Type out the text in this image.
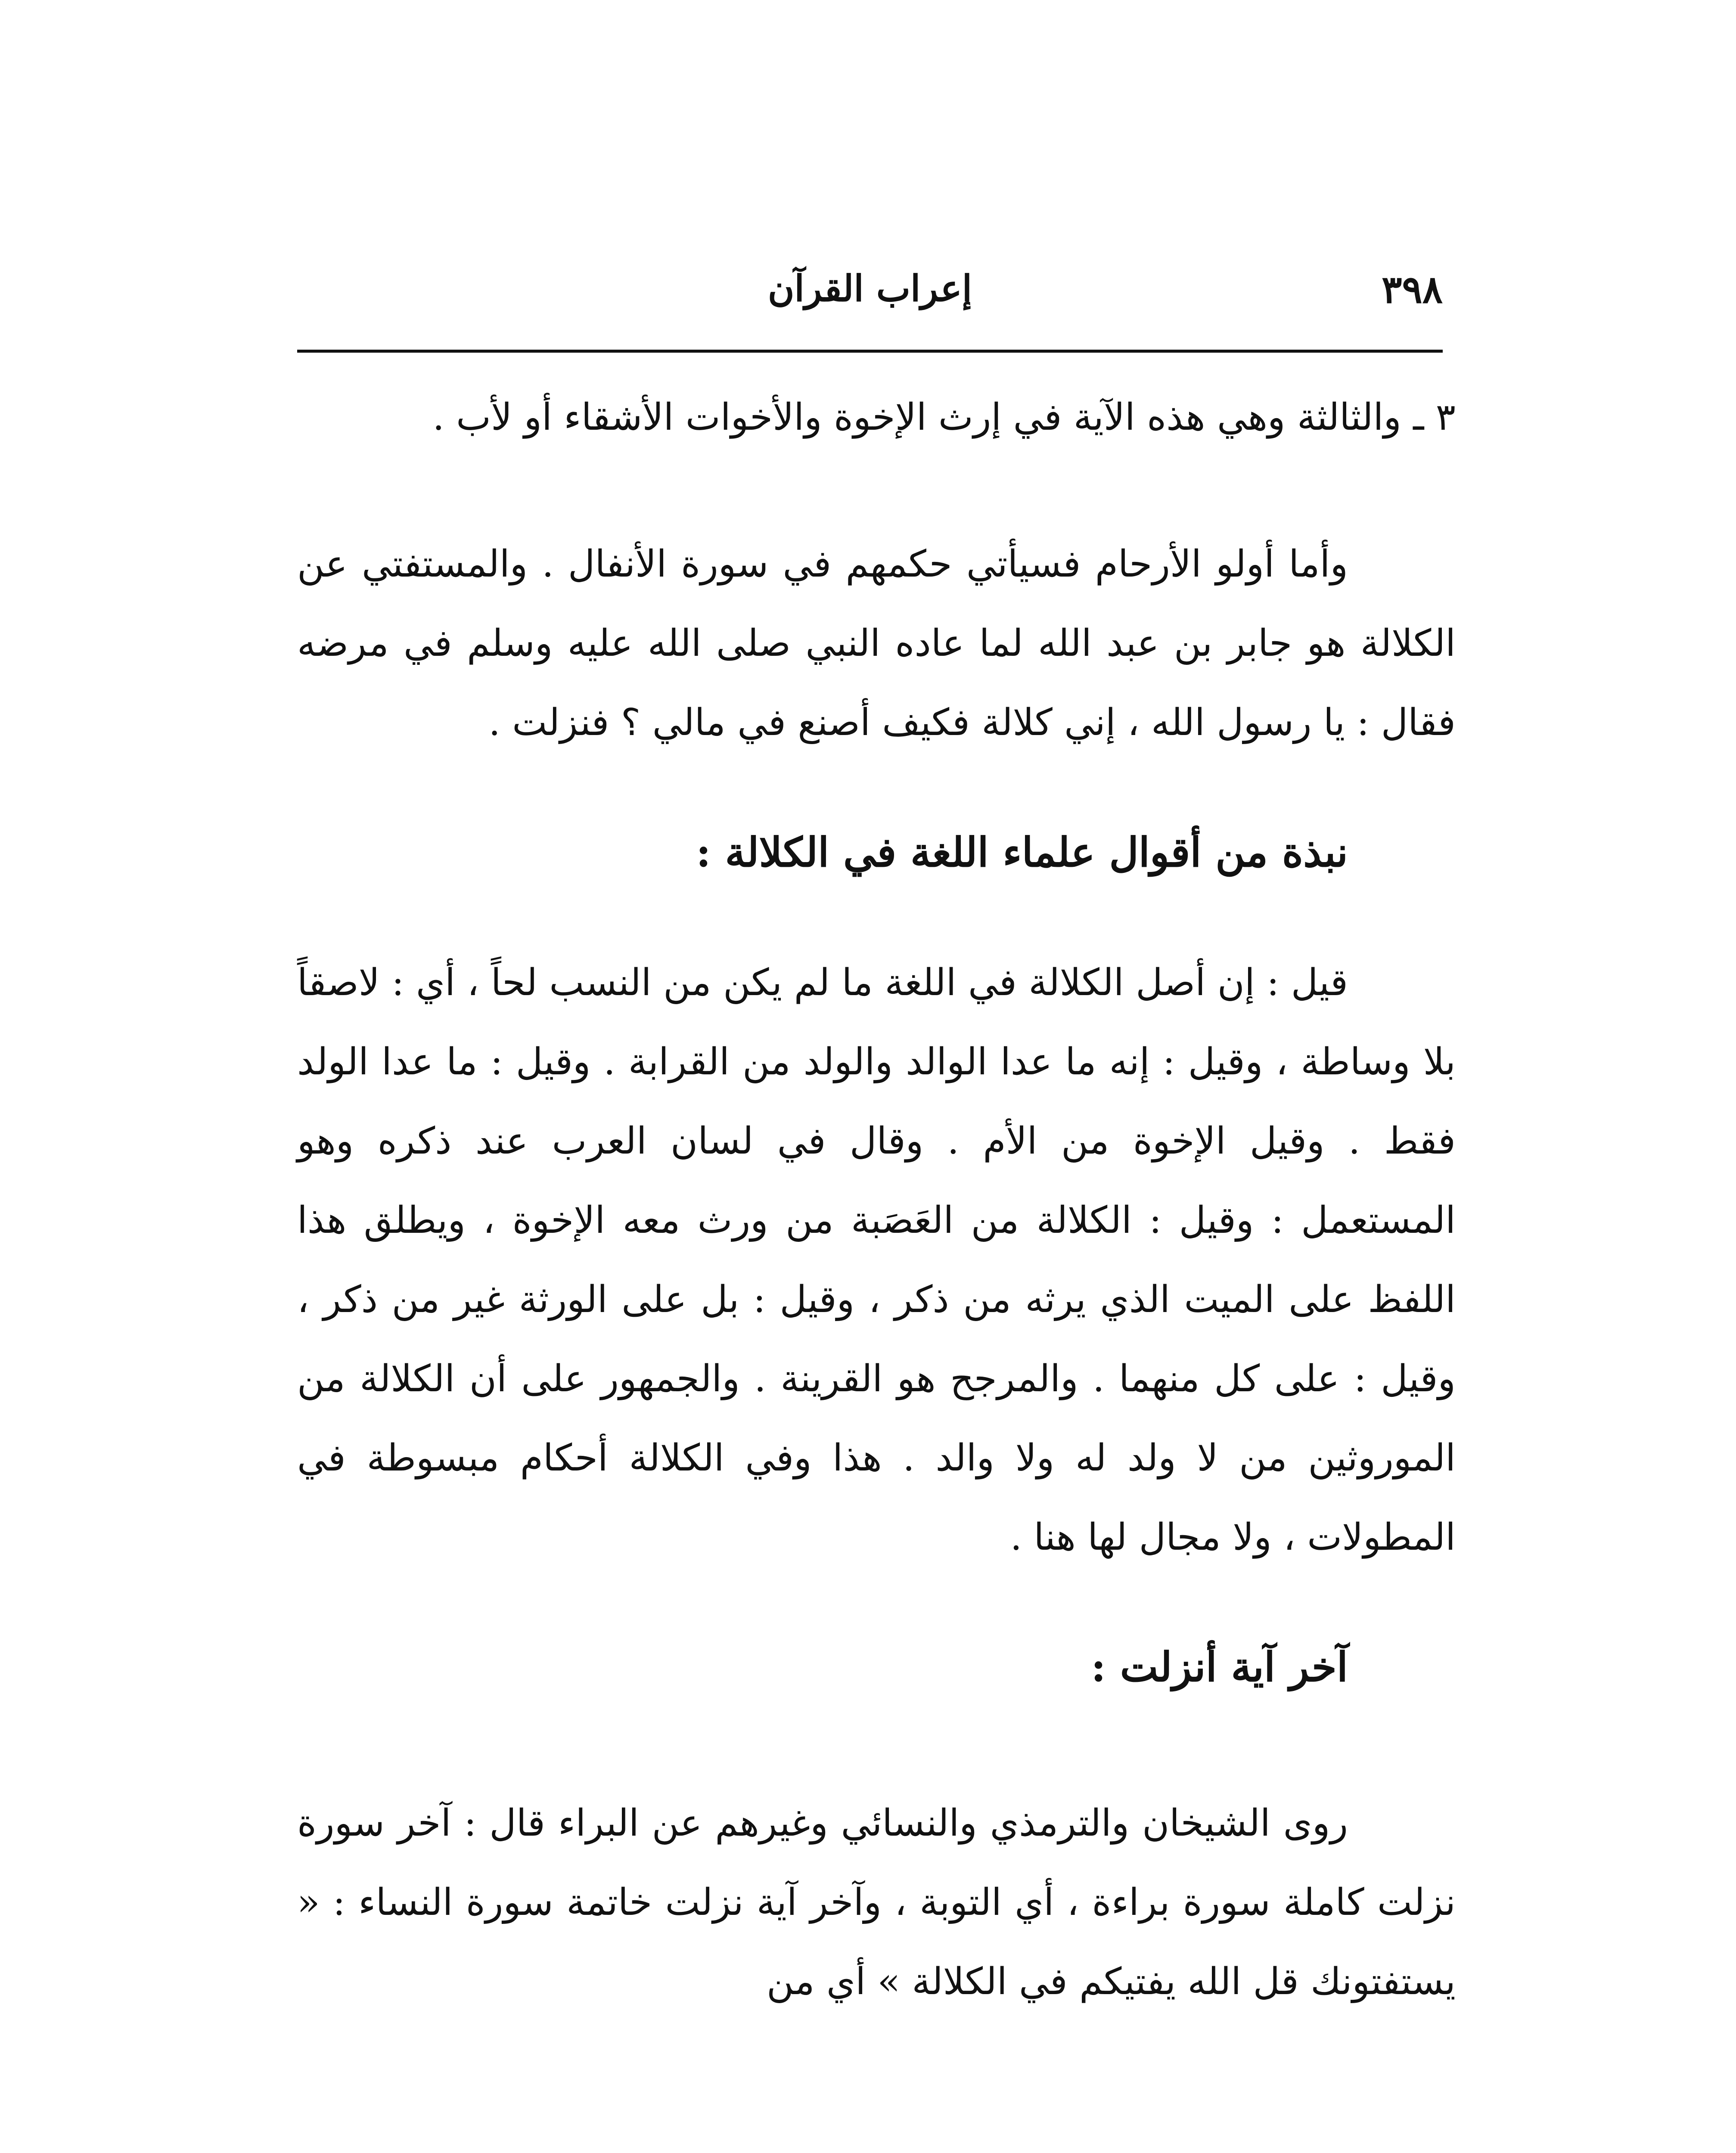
٣٩٨
إعراب القرآن

٣ ـ والثالثة وهي هذه الآية في إرث الإخوة والأخوات الأشقاء أو لأب .

وأما أولو الأرحام فسيأتي حكمهم في سورة الأنفال . والمستفتي عن الكلالة هو جابر بن عبد الله لما عاده النبي صلى الله عليه وسلم في مرضه فقال : يا رسول الله ، إني كلالة فكيف أصنع في مالي ؟ فنزلت .

نبذة من أقوال علماء اللغة في الكلالة :

قيل : إن أصل الكلالة في اللغة ما لم يكن من النسب لحاً ، أي : لاصقاً بلا وساطة ، وقيل : إنه ما عدا الوالد والولد من القرابة . وقيل : ما عدا الولد فقط . وقيل الإخوة من الأم . وقال في لسان العرب عند ذكره وهو المستعمل : وقيل : الكلالة من العَصَبة من ورث معه الإخوة ، ويطلق هذا اللفظ على الميت الذي يرثه من ذكر ، وقيل : بل على الورثة غير من ذكر ، وقيل : على كل منهما . والمرجح هو القرينة . والجمهور على أن الكلالة من الموروثين من لا ولد له ولا والد . هذا وفي الكلالة أحكام مبسوطة في المطولات ، ولا مجال لها هنا .

آخر آية أنزلت :

روى الشيخان والترمذي والنسائي وغيرهم عن البراء قال : آخر سورة نزلت كاملة سورة براءة ، أي التوبة ، وآخر آية نزلت خاتمة سورة النساء : « يستفتونك قل الله يفتيكم في الكلالة » أي من
